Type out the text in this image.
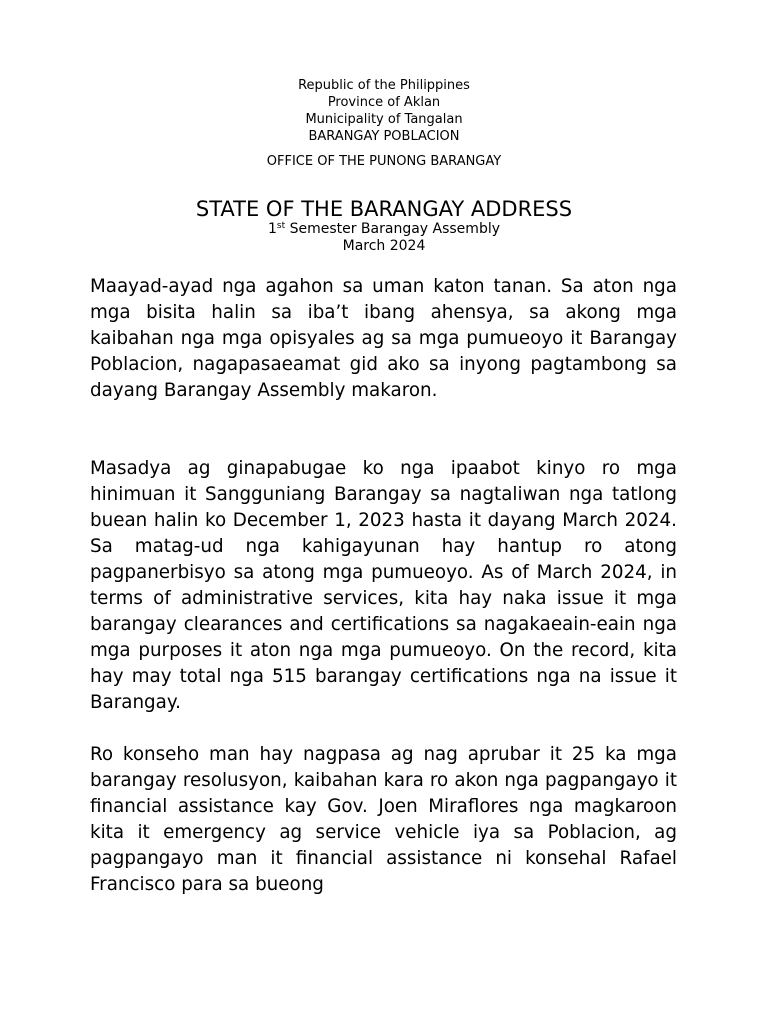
Republic of the Philippines
Province of Aklan
Municipality of Tangalan
BARANGAY POBLACION
OFFICE OF THE PUNONG BARANGAY
STATE OF THE BARANGAY ADDRESS
1st Semester Barangay Assembly
March 2024

Maayad-ayad nga agahon sa uman katon tanan. Sa aton nga mga bisita halin sa iba’t ibang ahensya, sa akong mga kaibahan nga mga opisyales ag sa mga pumueoyo it Barangay Poblacion, nagapasaeamat gid ako sa inyong pagtambong sa dayang Barangay Assembly makaron.

Masadya ag ginapabugae ko nga ipaabot kinyo ro mga hinimuan it Sangguniang Barangay sa nagtaliwan nga tatlong buean halin ko December 1, 2023 hasta it dayang March 2024. Sa matag-ud nga kahigayunan hay hantup ro atong pagpanerbisyo sa atong mga pumueoyo. As of March 2024, in terms of administrative services, kita hay naka issue it mga barangay clearances and certifications sa nagakaeain-eain nga mga purposes it aton nga mga pumueoyo. On the record, kita hay may total nga 515 barangay certifications nga na issue it Barangay.

Ro konseho man hay nagpasa ag nag aprubar it 25 ka mga barangay resolusyon, kaibahan kara ro akon nga pagpangayo it financial assistance kay Gov. Joen Miraflores nga magkaroon kita it emergency ag service vehicle iya sa Poblacion, ag pagpangayo man it financial assistance ni konsehal Rafael Francisco para sa bueong
